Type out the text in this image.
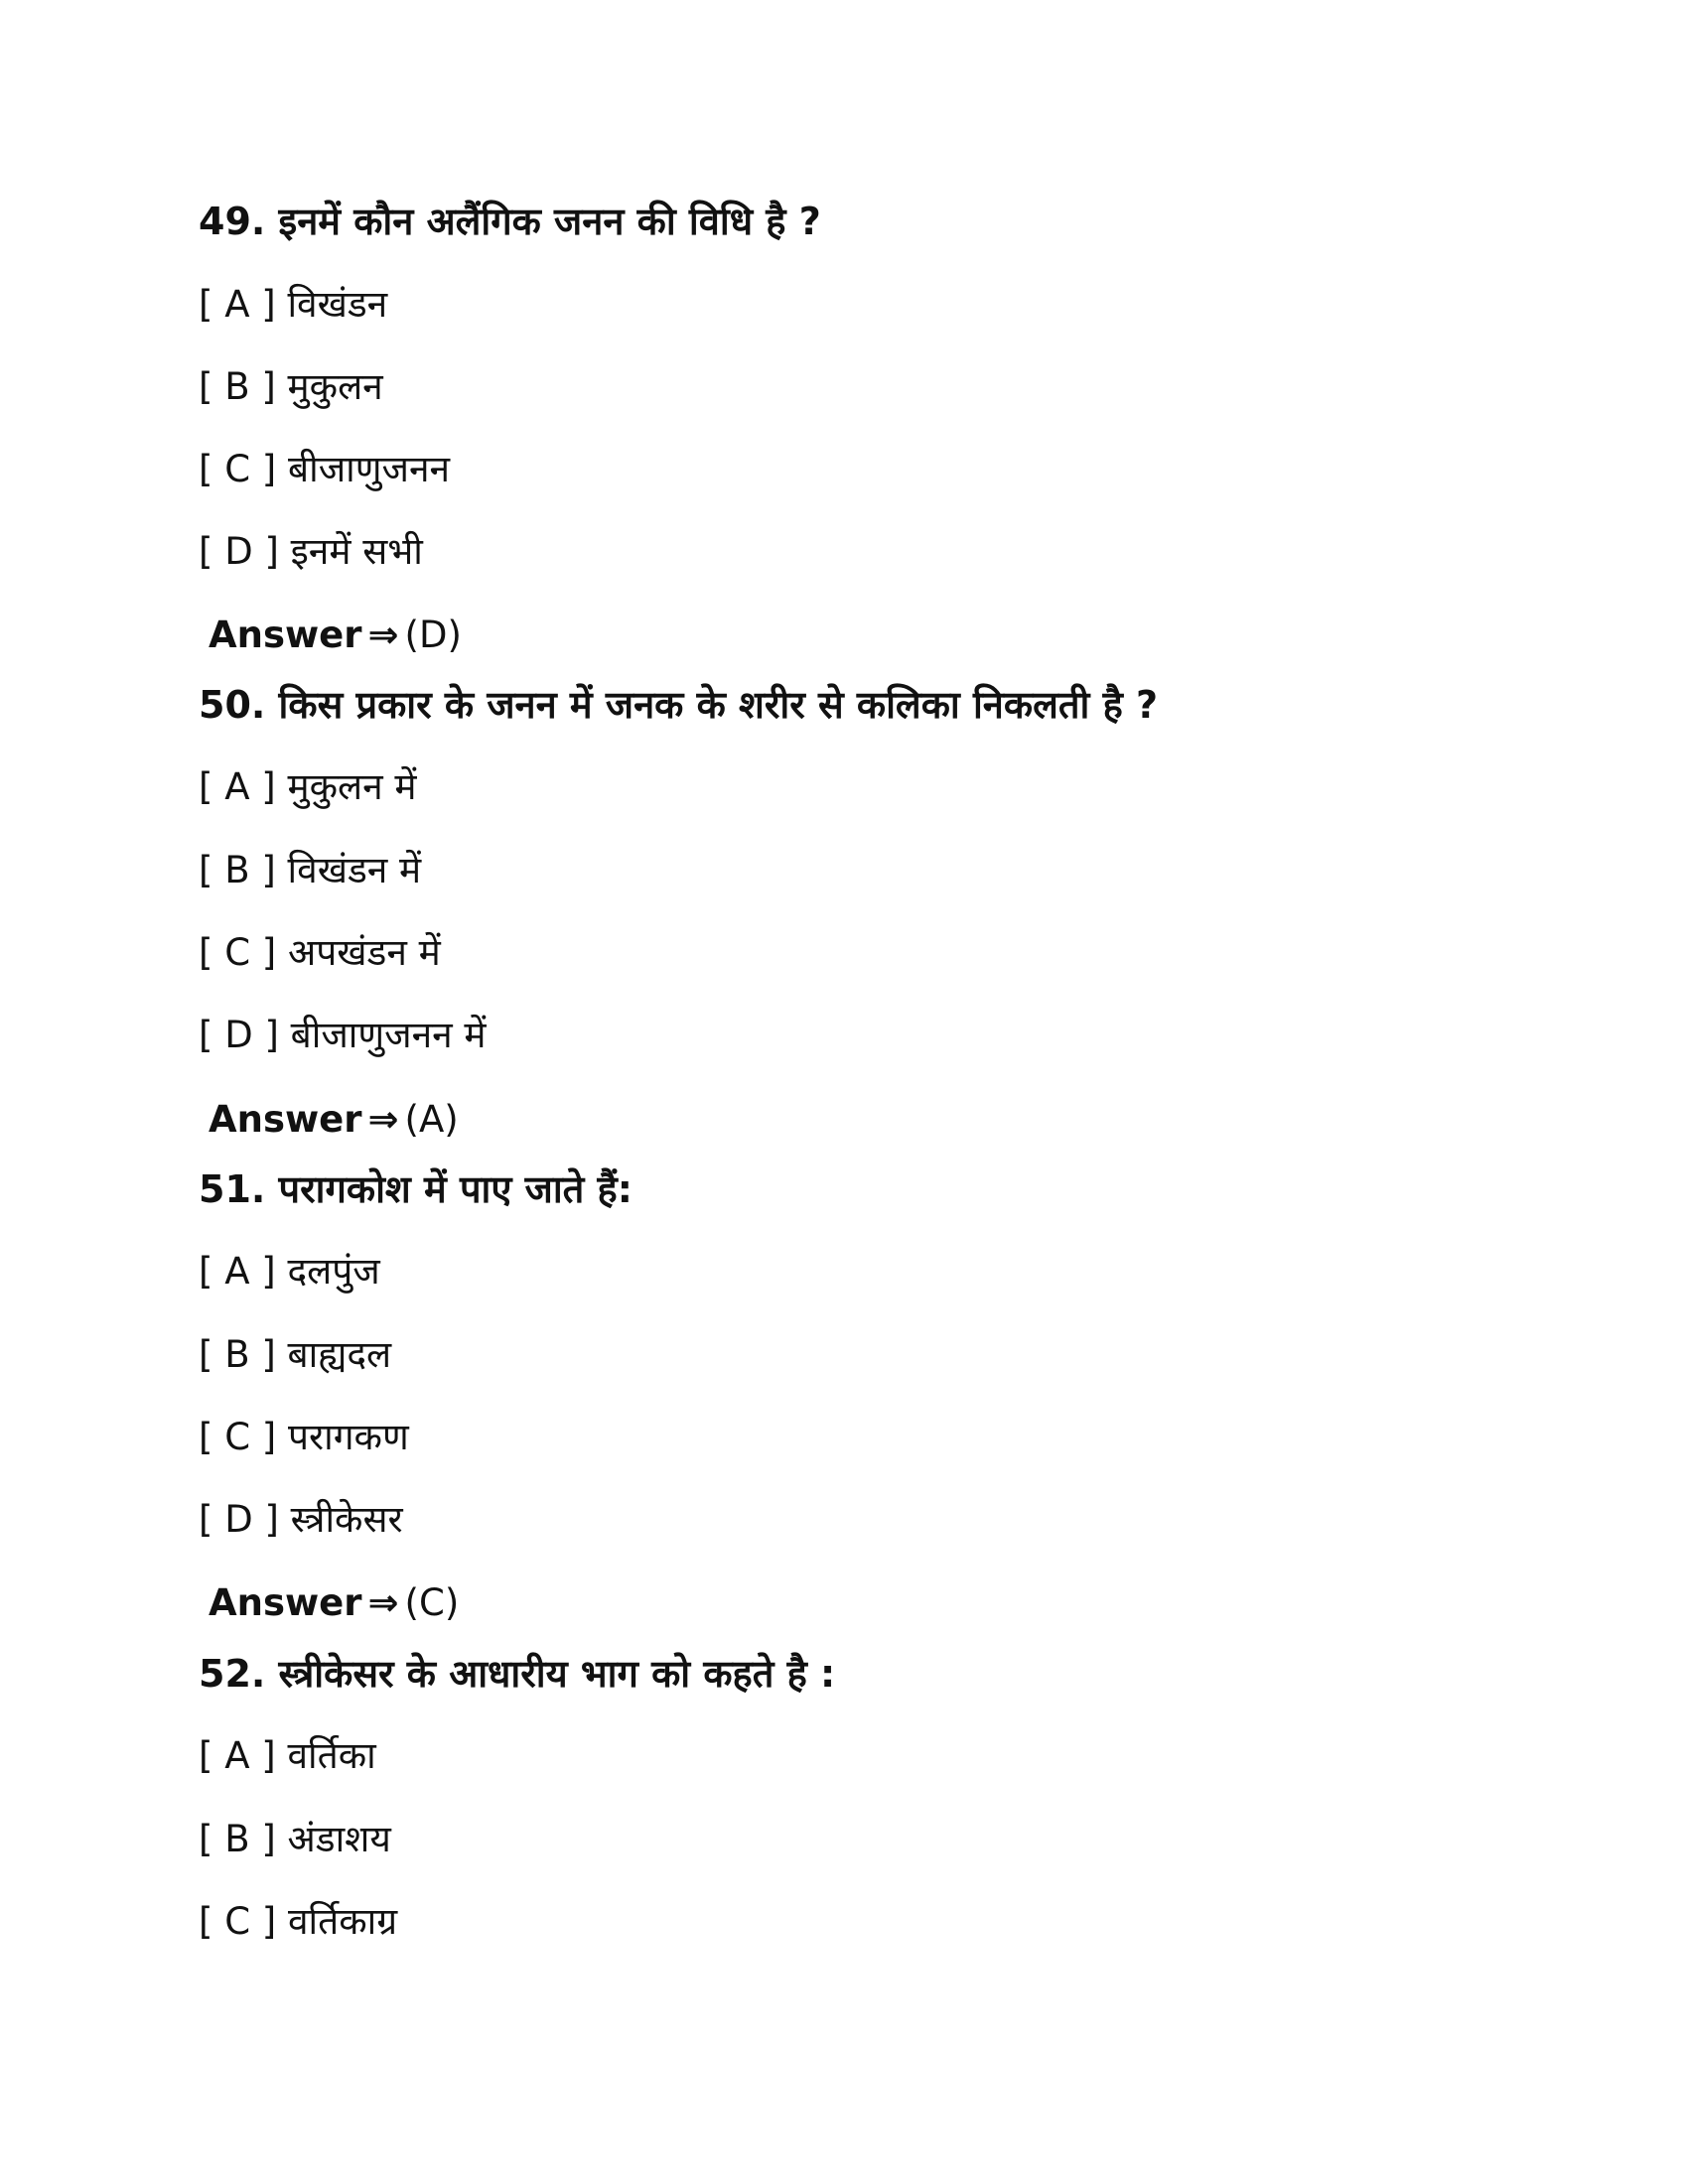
49. इनमें कौन अलैंगिक जनन की विधि है ?
[ A ] विखंडन
[ B ] मुकुलन
[ C ] बीजाणुजनन
[ D ] इनमें सभी
Answer ⇒ (D)
50. किस प्रकार के जनन में जनक के शरीर से कलिका निकलती है ?
[ A ] मुकुलन में
[ B ] विखंडन में
[ C ] अपखंडन में
[ D ] बीजाणुजनन में
Answer ⇒ (A)
51. परागकोश में पाए जाते हैं:
[ A ] दलपुंज
[ B ] बाह्यदल
[ C ] परागकण
[ D ] स्त्रीकेसर
Answer ⇒ (C)
52. स्त्रीकेसर के आधारीय भाग को कहते है :
[ A ] वर्तिका
[ B ] अंडाशय
[ C ] वर्तिकाग्र
